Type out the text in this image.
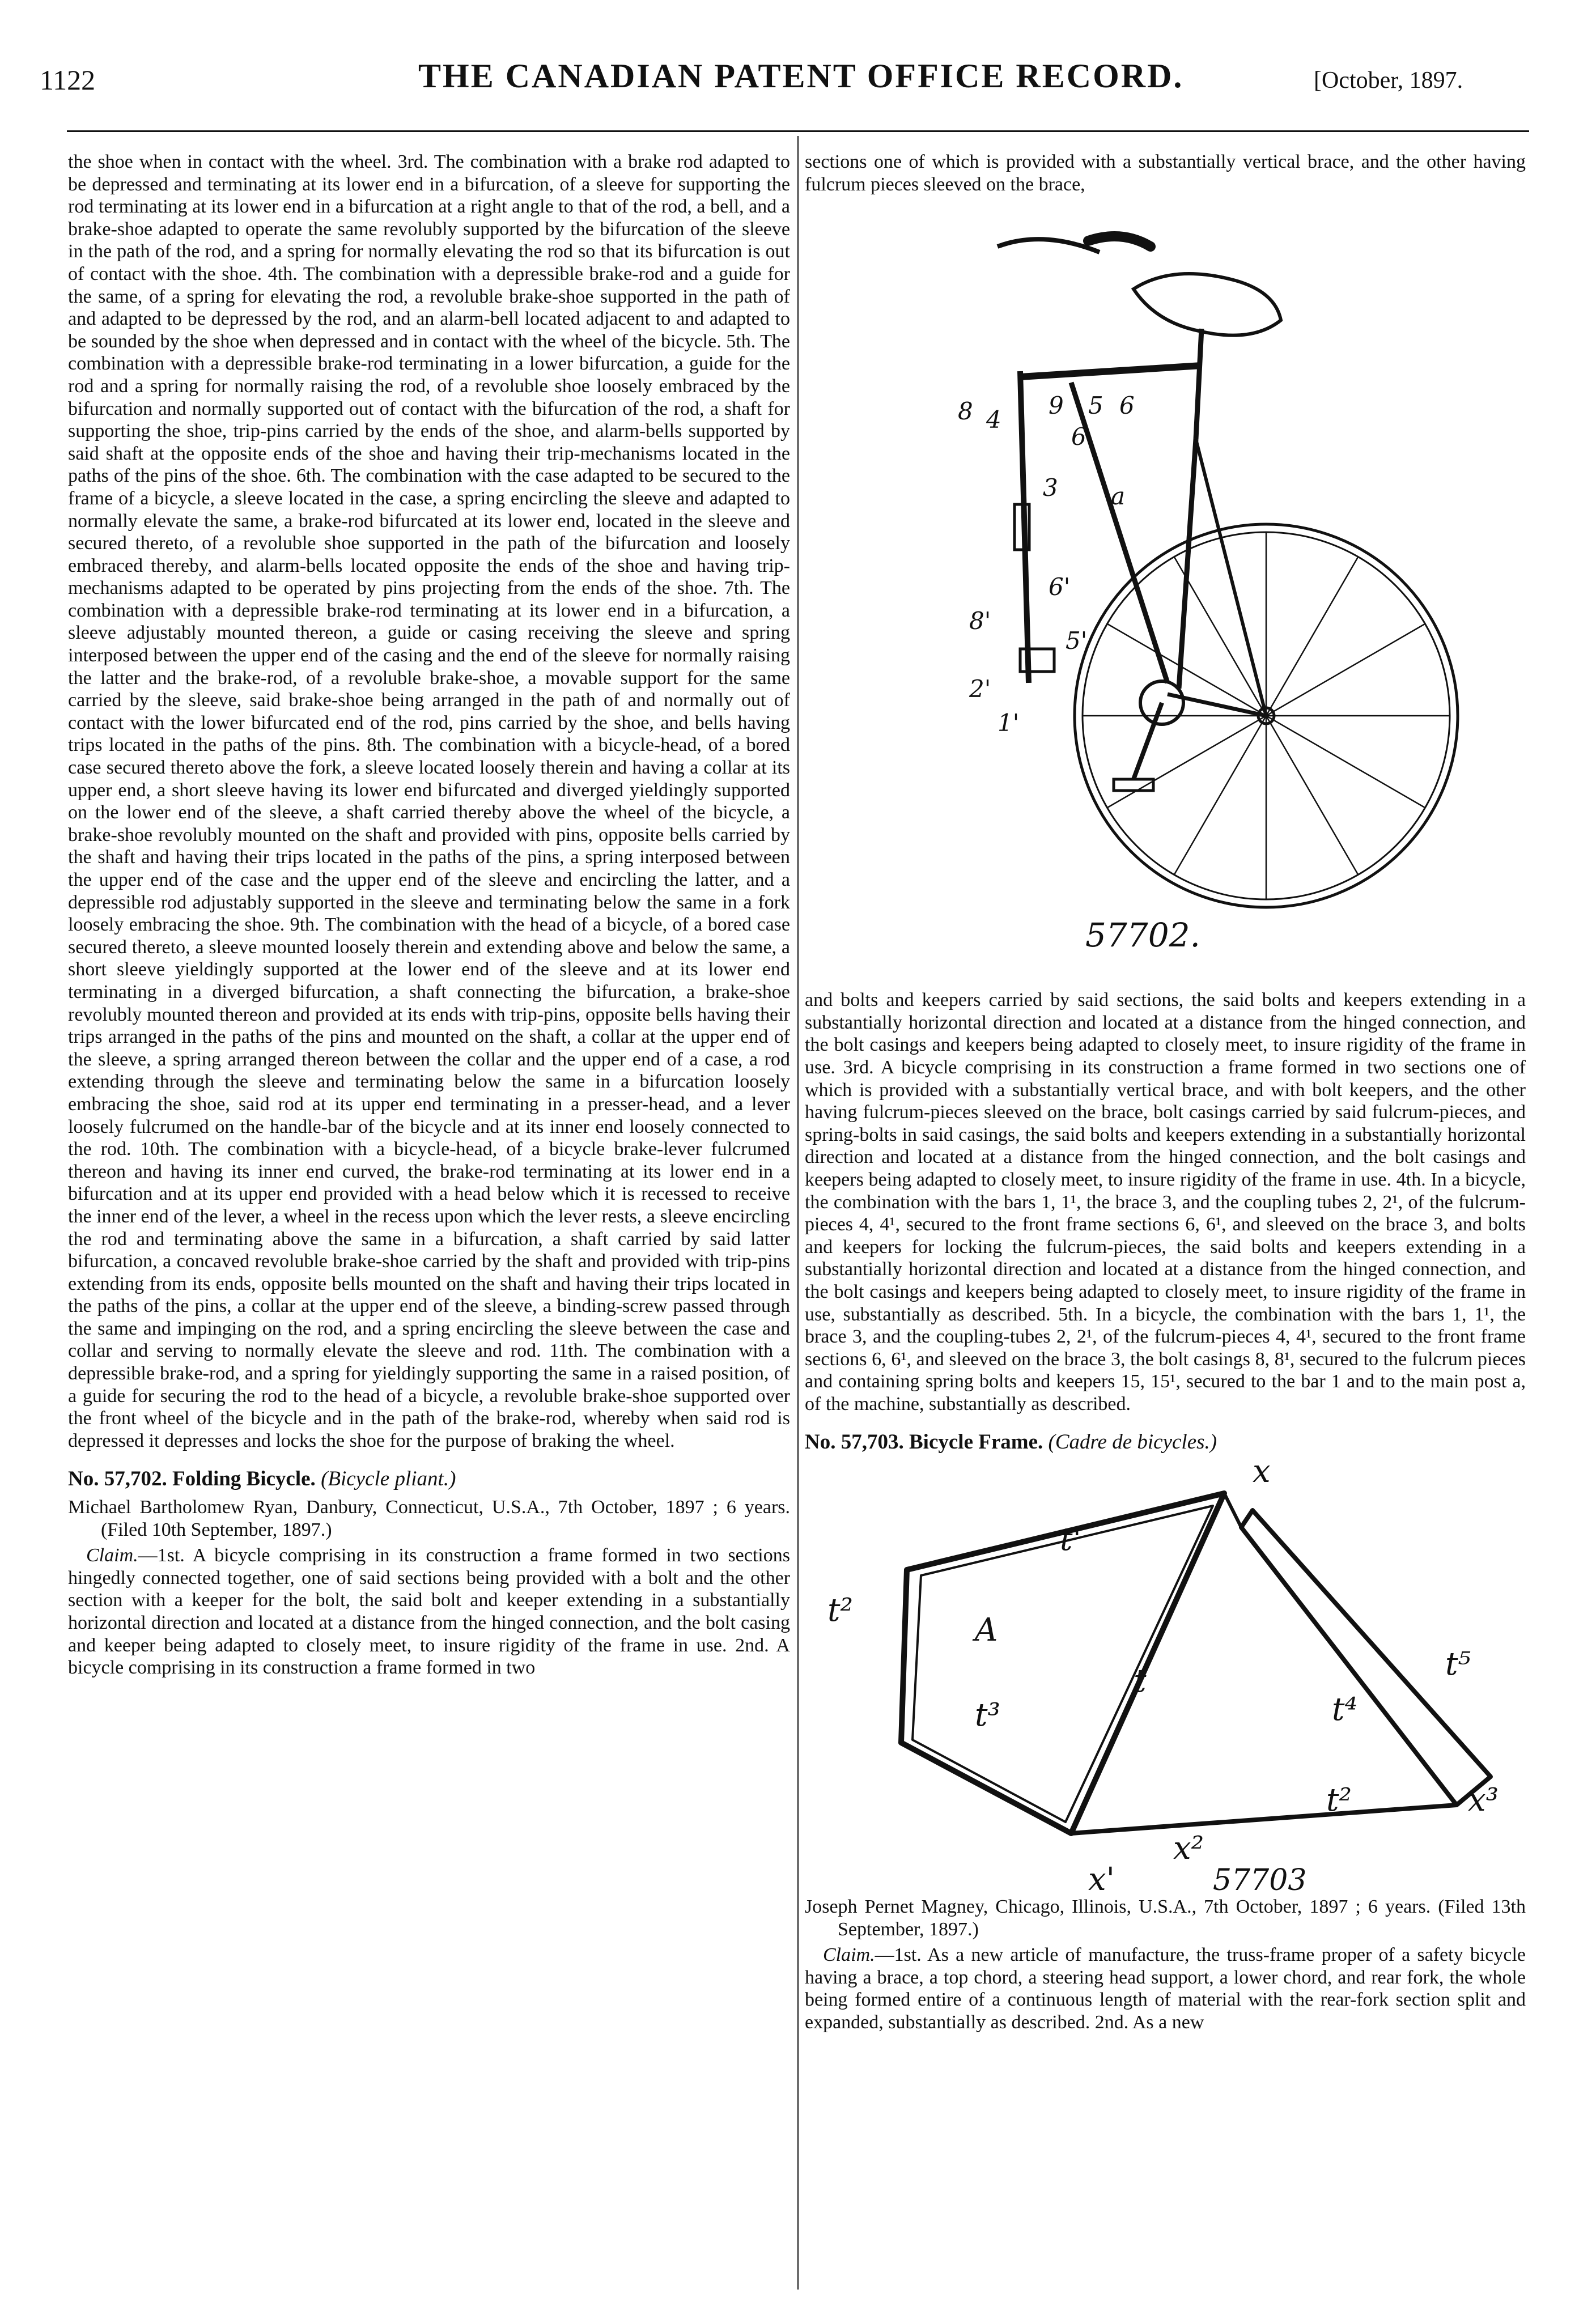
1122	THE CANADIAN PATENT OFFICE RECORD.	[October, 1897.

the shoe when in contact with the wheel. 3rd. The combination with a brake rod adapted to be depressed and terminating at its lower end in a bifurcation, of a sleeve for supporting the rod terminating at its lower end in a bifurcation at a right angle to that of the rod, a bell, and a brake-shoe adapted to operate the same revolubly supported by the bifurcation of the sleeve in the path of the rod, and a spring for normally elevating the rod so that its bifurcation is out of contact with the shoe. 4th. The combination with a depressible brake-rod and a guide for the same, of a spring for elevating the rod, a revoluble brake-shoe supported in the path of and adapted to be depressed by the rod, and an alarm-bell located adjacent to and adapted to be sounded by the shoe when depressed and in contact with the wheel of the bicycle. 5th. The combination with a depressible brake-rod terminating in a lower bifurcation, a guide for the rod and a spring for normally raising the rod, of a revoluble shoe loosely embraced by the bifurcation and normally supported out of contact with the bifurcation of the rod, a shaft for supporting the shoe, trip-pins carried by the ends of the shoe, and alarm-bells supported by said shaft at the opposite ends of the shoe and having their trip-mechanisms located in the paths of the pins of the shoe. 6th. The combination with the case adapted to be secured to the frame of a bicycle, a sleeve located in the case, a spring encircling the sleeve and adapted to normally elevate the same, a brake-rod bifurcated at its lower end, located in the sleeve and secured thereto, of a revoluble shoe supported in the path of the bifurcation and loosely embraced thereby, and alarm-bells located opposite the ends of the shoe and having trip-mechanisms adapted to be operated by pins projecting from the ends of the shoe. 7th. The combination with a depressible brake-rod terminating at its lower end in a bifurcation, a sleeve adjustably mounted thereon, a guide or casing receiving the sleeve and spring interposed between the upper end of the casing and the end of the sleeve for normally raising the latter and the brake-rod, of a revoluble brake-shoe, a movable support for the same carried by the sleeve, said brake-shoe being arranged in the path of and normally out of contact with the lower bifurcated end of the rod, pins carried by the shoe, and bells having trips located in the paths of the pins. 8th. The combination with a bicycle-head, of a bored case secured thereto above the fork, a sleeve located loosely therein and having a collar at its upper end, a short sleeve having its lower end bifurcated and diverged yieldingly supported on the lower end of the sleeve, a shaft carried thereby above the wheel of the bicycle, a brake-shoe revolubly mounted on the shaft and provided with pins, opposite bells carried by the shaft and having their trips located in the paths of the pins, a spring interposed between the upper end of the case and the upper end of the sleeve and encircling the latter, and a depressible rod adjustably supported in the sleeve and terminating below the same in a fork loosely embracing the shoe. 9th. The combination with the head of a bicycle, of a bored case secured thereto, a sleeve mounted loosely therein and extending above and below the same, a short sleeve yieldingly supported at the lower end of the sleeve and at its lower end terminating in a diverged bifurcation, a shaft connecting the bifurcation, a brake-shoe revolubly mounted thereon and provided at its ends with trip-pins, opposite bells having their trips arranged in the paths of the pins and mounted on the shaft, a collar at the upper end of the sleeve, a spring arranged thereon between the collar and the upper end of a case, a rod extending through the sleeve and terminating below the same in a bifurcation loosely embracing the shoe, said rod at its upper end terminating in a presser-head, and a lever loosely fulcrumed on the handle-bar of the bicycle and at its inner end loosely connected to the rod. 10th. The combination with a bicycle-head, of a bicycle brake-lever fulcrumed thereon and having its inner end curved, the brake-rod terminating at its lower end in a bifurcation and at its upper end provided with a head below which it is recessed to receive the inner end of the lever, a wheel in the recess upon which the lever rests, a sleeve encircling the rod and terminating above the same in a bifurcation, a shaft carried by said latter bifurcation, a concaved revoluble brake-shoe carried by the shaft and provided with trip-pins extending from its ends, opposite bells mounted on the shaft and having their trips located in the paths of the pins, a collar at the upper end of the sleeve, a binding-screw passed through the same and impinging on the rod, and a spring encircling the sleeve between the case and collar and serving to normally elevate the sleeve and rod. 11th. The combination with a depressible brake-rod, and a spring for yieldingly supporting the same in a raised position, of a guide for securing the rod to the head of a bicycle, a revoluble brake-shoe supported over the front wheel of the bicycle and in the path of the brake-rod, whereby when said rod is depressed it depresses and locks the shoe for the purpose of braking the wheel.

No. 57,702. Folding Bicycle. (Bicycle pliant.)

Michael Bartholomew Ryan, Danbury, Connecticut, U.S.A., 7th October, 1897 ; 6 years. (Filed 10th September, 1897.)

Claim.—1st. A bicycle comprising in its construction a frame formed in two sections hingedly connected together, one of said sections being provided with a bolt and the other section with a keeper for the bolt, the said bolt and keeper extending in a substantially horizontal direction and located at a distance from the hinged connection, and the bolt casing and keeper being adapted to closely meet, to insure rigidity of the frame in use. 2nd. A bicycle comprising in its construction a frame formed in two

sections one of which is provided with a substantially vertical brace, and the other having fulcrum pieces sleeved on the brace,

8 4
9 5 6
6
3 a
6'
8'
5'
2'
1'
57702.

and bolts and keepers carried by said sections, the said bolts and keepers extending in a substantially horizontal direction and located at a distance from the hinged connection, and the bolt casings and keepers being adapted to closely meet, to insure rigidity of the frame in use. 3rd. A bicycle comprising in its construction a frame formed in two sections one of which is provided with a substantially vertical brace, and with bolt keepers, and the other having fulcrum-pieces sleeved on the brace, bolt casings carried by said fulcrum-pieces, and spring-bolts in said casings, the said bolts and keepers extending in a substantially horizontal direction and located at a distance from the hinged connection, and the bolt casings and keepers being adapted to closely meet, to insure rigidity of the frame in use. 4th. In a bicycle, the combination with the bars 1, 1¹, the brace 3, and the coupling tubes 2, 2¹, of the fulcrum-pieces 4, 4¹, secured to the front frame sections 6, 6¹, and sleeved on the brace 3, and bolts and keepers for locking the fulcrum-pieces, the said bolts and keepers extending in a substantially horizontal direction and located at a distance from the hinged connection, and the bolt casings and keepers being adapted to closely meet, to insure rigidity of the frame in use, substantially as described. 5th. In a bicycle, the combination with the bars 1, 1¹, the brace 3, and the coupling-tubes 2, 2¹, of the fulcrum-pieces 4, 4¹, secured to the front frame sections 6, 6¹, and sleeved on the brace 3, the bolt casings 8, 8¹, secured to the fulcrum pieces and containing spring bolts and keepers 15, 15¹, secured to the bar 1 and to the main post a, of the machine, substantially as described.

No. 57,703. Bicycle Frame. (Cadre de bicycles.)

x
t'
t²
A
t⁵
t
t⁴
t³
t²	x³
x²
x'	57703

Joseph Pernet Magney, Chicago, Illinois, U.S.A., 7th October, 1897 ; 6 years. (Filed 13th September, 1897.)

Claim.—1st. As a new article of manufacture, the truss-frame proper of a safety bicycle having a brace, a top chord, a steering head support, a lower chord, and rear fork, the whole being formed entire of a continuous length of material with the rear-fork section split and expanded, substantially as described. 2nd. As a new
